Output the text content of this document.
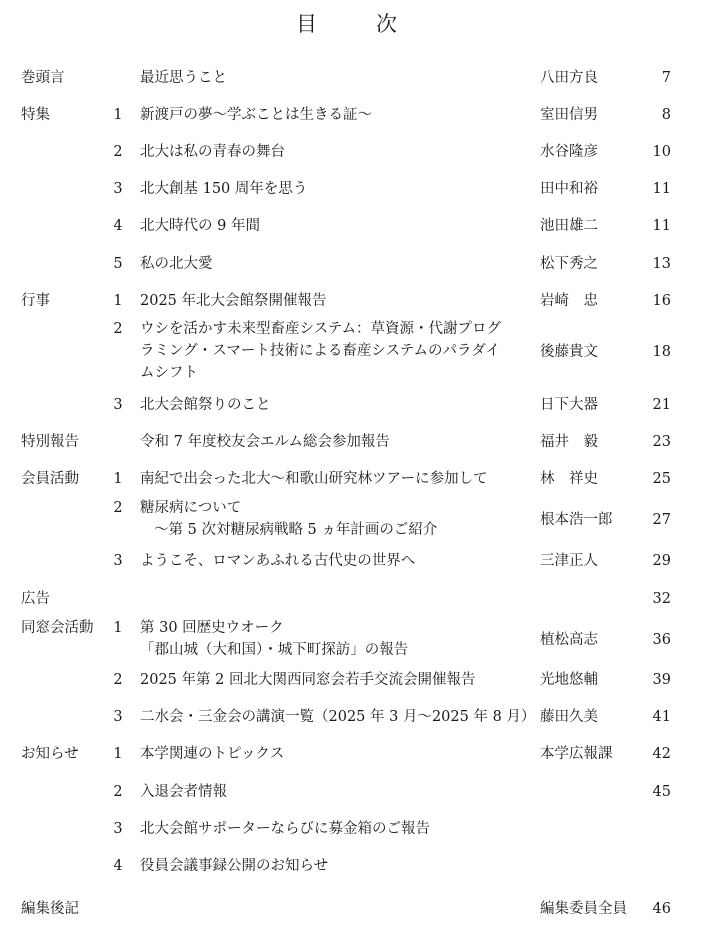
目	次
巻頭言	最近思うこと	八田方良	7
特集	1 新渡戸の夢〜学ぶことは生きる証〜	室田信男	8
2 北大は私の青春の舞台	水谷隆彦	10
3 北大創基 150 周年を思う	田中和裕	11
4 北大時代の 9 年間	池田雄二	11
5 私の北大愛	松下秀之	13
行事	1 2025 年北大会館祭開催報告	岩崎　忠	16
2 ウシを活かす未来型畜産システム：草資源・代謝プログ
ラミング・スマート技術による畜産システムのパラダイ
ムシフト
後藤貴文	18
3 北大会館祭りのこと	日下大器	21
特別報告	令和 7 年度校友会エルム総会参加報告	福井　毅	23
会員活動 1 南紀で出会った北大〜和歌山研究林ツアーに参加して	林　祥史	25
2 糖尿病について
〜第 5 次対糖尿病戦略 5 ヵ年計画のご紹介
根本浩一郎	27
3 ようこそ、ロマンあふれる古代史の世界へ	三津正人	29
広告	32
同窓会活動 1 第 30 回歴史ウオーク
「郡山城（大和国）・城下町探訪」の報告
植松高志	36
2 2025 年第 2 回北大関西同窓会若手交流会開催報告	光地悠輔	39
3 二水会・三金会の講演一覧（2025 年 3 月〜2025 年 8 月） 藤田久美	41
お知らせ 1 本学関連のトピックス	本学広報課	42
2 入退会者情報	45
3 北大会館サポーターならびに募金箱のご報告
4 役員会議事録公開のお知らせ
編集後記	編集委員全員 46
